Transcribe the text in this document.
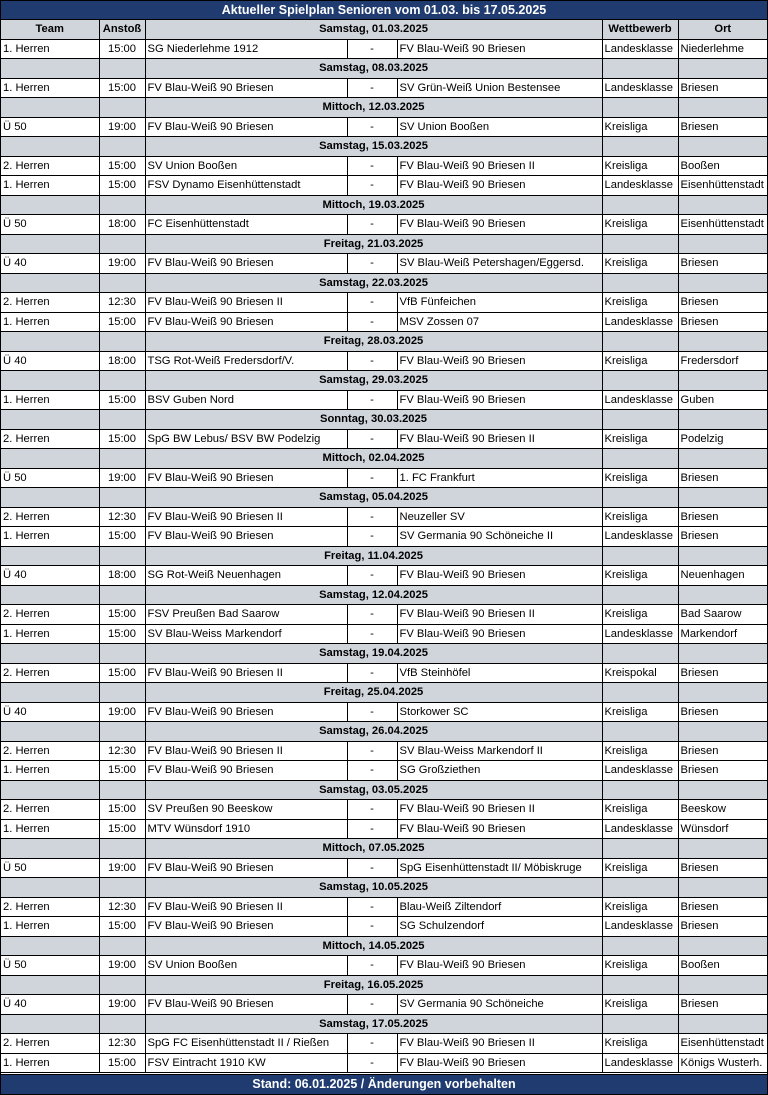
Aktueller Spielplan Senioren vom 01.03. bis 17.05.2025
Team	Anstoß	Samstag, 01.03.2025			Wettbewerb	Ort
1. Herren	15:00	SG Niederlehme 1912	-	FV Blau-Weiß 90 Briesen	Landesklasse	Niederlehme
		Samstag, 08.03.2025				
1. Herren	15:00	FV Blau-Weiß 90 Briesen	-	SV Grün-Weiß Union Bestensee	Landesklasse	Briesen
		Mittoch, 12.03.2025				
Ü 50	19:00	FV Blau-Weiß 90 Briesen	-	SV Union Booßen	Kreisliga	Briesen
		Samstag, 15.03.2025				
2. Herren	15:00	SV Union Booßen	-	FV Blau-Weiß 90 Briesen II	Kreisliga	Booßen
1. Herren	15:00	FSV Dynamo Eisenhüttenstadt	-	FV Blau-Weiß 90 Briesen	Landesklasse	Eisenhüttenstadt
		Mittoch, 19.03.2025				
Ü 50	18:00	FC Eisenhüttenstadt	-	FV Blau-Weiß 90 Briesen	Kreisliga	Eisenhüttenstadt
		Freitag, 21.03.2025				
Ü 40	19:00	FV Blau-Weiß 90 Briesen	-	SV Blau-Weiß Petershagen/Eggersd.	Kreisliga	Briesen
		Samstag, 22.03.2025				
2. Herren	12:30	FV Blau-Weiß 90 Briesen II	-	VfB Fünfeichen	Kreisliga	Briesen
1. Herren	15:00	FV Blau-Weiß 90 Briesen	-	MSV Zossen 07	Landesklasse	Briesen
		Freitag, 28.03.2025				
Ü 40	18:00	TSG Rot-Weiß Fredersdorf/V.	-	FV Blau-Weiß 90 Briesen	Kreisliga	Fredersdorf
		Samstag, 29.03.2025				
1. Herren	15:00	BSV Guben Nord	-	FV Blau-Weiß 90 Briesen	Landesklasse	Guben
		Sonntag, 30.03.2025				
2. Herren	15:00	SpG BW Lebus/ BSV BW Podelzig	-	FV Blau-Weiß 90 Briesen II	Kreisliga	Podelzig
		Mittoch, 02.04.2025				
Ü 50	19:00	FV Blau-Weiß 90 Briesen	-	1. FC Frankfurt	Kreisliga	Briesen
		Samstag, 05.04.2025				
2. Herren	12:30	FV Blau-Weiß 90 Briesen II	-	Neuzeller SV	Kreisliga	Briesen
1. Herren	15:00	FV Blau-Weiß 90 Briesen	-	SV Germania 90 Schöneiche II	Landesklasse	Briesen
		Freitag, 11.04.2025				
Ü 40	18:00	SG Rot-Weiß Neuenhagen	-	FV Blau-Weiß 90 Briesen	Kreisliga	Neuenhagen
		Samstag, 12.04.2025				
2. Herren	15:00	FSV Preußen Bad Saarow	-	FV Blau-Weiß 90 Briesen II	Kreisliga	Bad Saarow
1. Herren	15:00	SV Blau-Weiss Markendorf	-	FV Blau-Weiß 90 Briesen	Landesklasse	Markendorf
		Samstag, 19.04.2025				
2. Herren	15:00	FV Blau-Weiß 90 Briesen II	-	VfB Steinhöfel	Kreispokal	Briesen
		Freitag, 25.04.2025				
Ü 40	19:00	FV Blau-Weiß 90 Briesen	-	Storkower SC	Kreisliga	Briesen
		Samstag, 26.04.2025				
2. Herren	12:30	FV Blau-Weiß 90 Briesen II	-	SV Blau-Weiss Markendorf II	Kreisliga	Briesen
1. Herren	15:00	FV Blau-Weiß 90 Briesen	-	SG Großziethen	Landesklasse	Briesen
		Samstag, 03.05.2025				
2. Herren	15:00	SV Preußen 90 Beeskow	-	FV Blau-Weiß 90 Briesen II	Kreisliga	Beeskow
1. Herren	15:00	MTV Wünsdorf 1910	-	FV Blau-Weiß 90 Briesen	Landesklasse	Wünsdorf
		Mittoch, 07.05.2025				
Ü 50	19:00	FV Blau-Weiß 90 Briesen	-	SpG Eisenhüttenstadt II/ Möbiskruge	Kreisliga	Briesen
		Samstag, 10.05.2025				
2. Herren	12:30	FV Blau-Weiß 90 Briesen II	-	Blau-Weiß Ziltendorf	Kreisliga	Briesen
1. Herren	15:00	FV Blau-Weiß 90 Briesen	-	SG Schulzendorf	Landesklasse	Briesen
		Mittoch, 14.05.2025				
Ü 50	19:00	SV Union Booßen	-	FV Blau-Weiß 90 Briesen	Kreisliga	Booßen
		Freitag, 16.05.2025				
Ü 40	19:00	FV Blau-Weiß 90 Briesen	-	SV Germania 90 Schöneiche	Kreisliga	Briesen
		Samstag, 17.05.2025				
2. Herren	12:30	SpG FC Eisenhüttenstadt II / Rießen	-	FV Blau-Weiß 90 Briesen II	Kreisliga	Eisenhüttenstadt
1. Herren	15:00	FSV Eintracht 1910 KW	-	FV Blau-Weiß 90 Briesen	Landesklasse	Königs Wusterh.
Stand: 06.01.2025 / Änderungen vorbehalten
